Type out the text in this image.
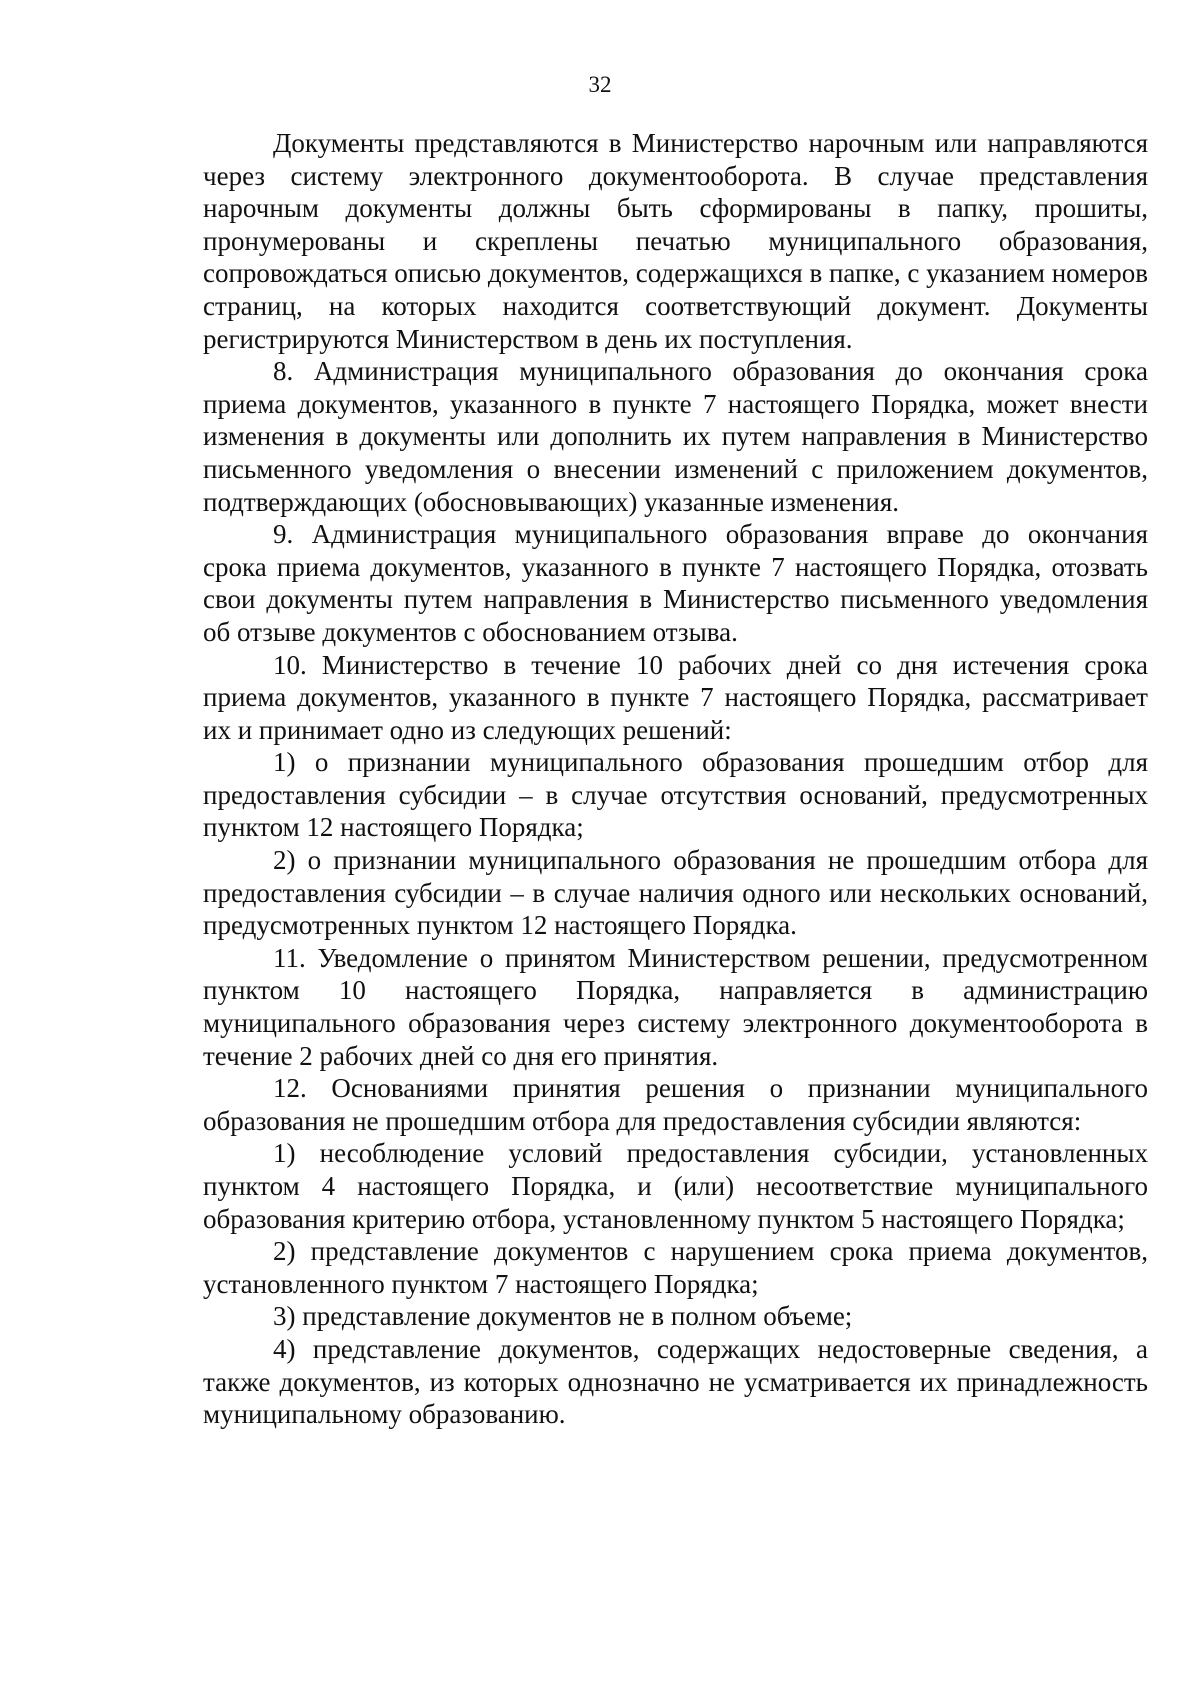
32

Документы представляются в Министерство нарочным или направляются через систему электронного документооборота. В случае представления нарочным документы должны быть сформированы в папку, прошиты, пронумерованы и скреплены печатью муниципального образования, сопровождаться описью документов, содержащихся в папке, с указанием номеров страниц, на которых находится соответствующий документ. Документы регистрируются Министерством в день их поступления.

8. Администрация муниципального образования до окончания срока приема документов, указанного в пункте 7 настоящего Порядка, может внести изменения в документы или дополнить их путем направления в Министерство письменного уведомления о внесении изменений с приложением документов, подтверждающих (обосновывающих) указанные изменения.

9. Администрация муниципального образования вправе до окончания срока приема документов, указанного в пункте 7 настоящего Порядка, отозвать свои документы путем направления в Министерство письменного уведомления об отзыве документов с обоснованием отзыва.

10. Министерство в течение 10 рабочих дней со дня истечения срока приема документов, указанного в пункте 7 настоящего Порядка, рассматривает их и принимает одно из следующих решений:

1) о признании муниципального образования прошедшим отбор для предоставления субсидии – в случае отсутствия оснований, предусмотренных пунктом 12 настоящего Порядка;

2) о признании муниципального образования не прошедшим отбора для предоставления субсидии – в случае наличия одного или нескольких оснований, предусмотренных пунктом 12 настоящего Порядка.

11. Уведомление о принятом Министерством решении, предусмотренном пунктом 10 настоящего Порядка, направляется в администрацию муниципального образования через систему электронного документооборота в течение 2 рабочих дней со дня его принятия.

12. Основаниями принятия решения о признании муниципального образования не прошедшим отбора для предоставления субсидии являются:

1) несоблюдение условий предоставления субсидии, установленных пунктом 4 настоящего Порядка, и (или) несоответствие муниципального образования критерию отбора, установленному пунктом 5 настоящего Порядка;

2) представление документов с нарушением срока приема документов, установленного пунктом 7 настоящего Порядка;

3) представление документов не в полном объеме;

4) представление документов, содержащих недостоверные сведения, а также документов, из которых однозначно не усматривается их принадлежность муниципальному образованию.
